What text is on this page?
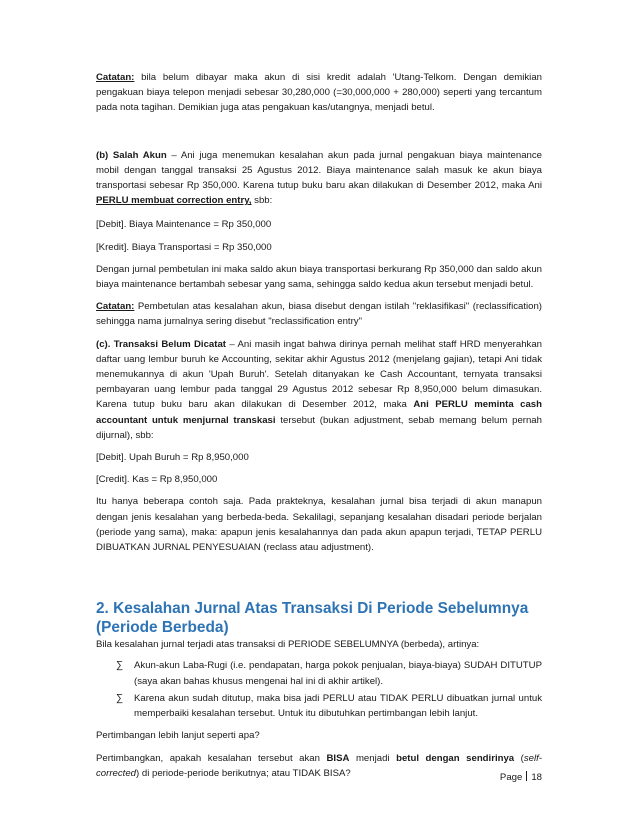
Catatan: bila belum dibayar maka akun di sisi kredit adalah 'Utang-Telkom. Dengan demikian pengakuan biaya telepon menjadi sebesar 30,280,000 (=30,000,000 + 280,000) seperti yang tercantum pada nota tagihan. Demikian juga atas pengakuan kas/utangnya, menjadi betul.

(b) Salah Akun – Ani juga menemukan kesalahan akun pada jurnal pengakuan biaya maintenance mobil dengan tanggal transaksi 25 Agustus 2012. Biaya maintenance salah masuk ke akun biaya transportasi sebesar Rp 350,000. Karena tutup buku baru akan dilakukan di Desember 2012, maka Ani PERLU membuat correction entry, sbb:

[Debit]. Biaya Maintenance = Rp 350,000

[Kredit]. Biaya Transportasi = Rp 350,000

Dengan jurnal pembetulan ini maka saldo akun biaya transportasi berkurang Rp 350,000 dan saldo akun biaya maintenance bertambah sebesar yang sama, sehingga saldo kedua akun tersebut menjadi betul.

Catatan: Pembetulan atas kesalahan akun, biasa disebut dengan istilah "reklasifikasi" (reclassification) sehingga nama jurnalnya sering disebut "reclassification entry"

(c). Transaksi Belum Dicatat – Ani masih ingat bahwa dirinya pernah melihat staff HRD menyerahkan daftar uang lembur buruh ke Accounting, sekitar akhir Agustus 2012 (menjelang gajian), tetapi Ani tidak menemukannya di akun 'Upah Buruh'. Setelah ditanyakan ke Cash Accountant, ternyata transaksi pembayaran uang lembur pada tanggal 29 Agustus 2012 sebesar Rp 8,950,000 belum dimasukan. Karena tutup buku baru akan dilakukan di Desember 2012, maka Ani PERLU meminta cash accountant untuk menjurnal transkasi tersebut (bukan adjustment, sebab memang belum pernah dijurnal), sbb:

[Debit]. Upah Buruh = Rp 8,950,000

[Credit]. Kas = Rp 8,950,000

Itu hanya beberapa contoh saja. Pada prakteknya, kesalahan jurnal bisa terjadi di akun manapun dengan jenis kesalahan yang berbeda-beda. Sekalilagi, sepanjang kesalahan disadari periode berjalan (periode yang sama), maka: apapun jenis kesalahannya dan pada akun apapun terjadi, TETAP PERLU DIBUATKAN JURNAL PENYESUAIAN (reclass atau adjustment).

2. Kesalahan Jurnal Atas Transaksi Di Periode Sebelumnya (Periode Berbeda)

Bila kesalahan jurnal terjadi atas transaksi di PERIODE SEBELUMNYA (berbeda), artinya:

∑ Akun-akun Laba-Rugi (i.e. pendapatan, harga pokok penjualan, biaya-biaya) SUDAH DITUTUP (saya akan bahas khusus mengenai hal ini di akhir artikel).
∑ Karena akun sudah ditutup, maka bisa jadi PERLU atau TIDAK PERLU dibuatkan jurnal untuk memperbaiki kesalahan tersebut. Untuk itu dibutuhkan pertimbangan lebih lanjut.

Pertimbangan lebih lanjut seperti apa?

Pertimbangkan, apakah kesalahan tersebut akan BISA menjadi betul dengan sendirinya (self-corrected) di periode-periode berikutnya; atau TIDAK BISA?	Page 18
